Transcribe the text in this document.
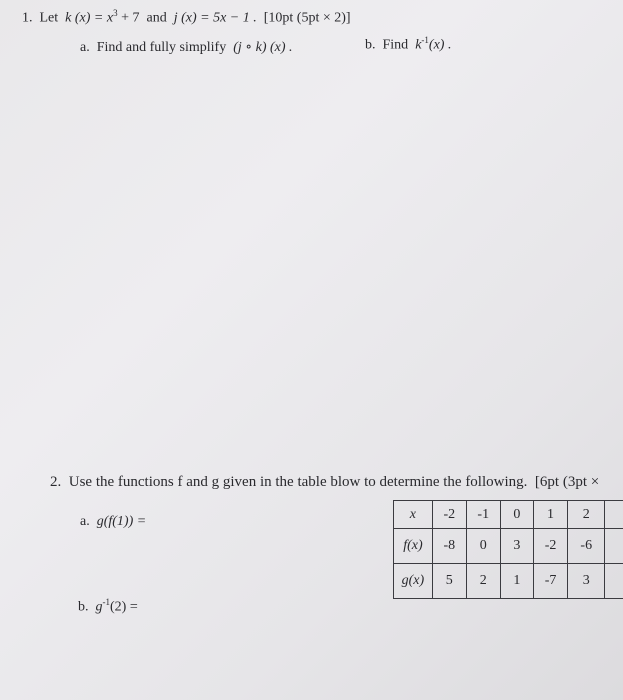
1. Let k $(x) = x^3 + 7$ and j (x) = 5x − 1 . [10pt (5pt × 2)]
a. Find and fully simplify (j ∘ k) (x) .	b. Find $k^{-1}(x)$ .
2. Use the functions f and g given in the table blow to determine the following. [6pt (3pt ×
a. g(f(1)) =
b. $g^{-1}(2)$ =
x	-2	-1	0	1	2	
f(x)	-8	0	3	-2	-6	
g(x)	5	2	1	-7	3	
